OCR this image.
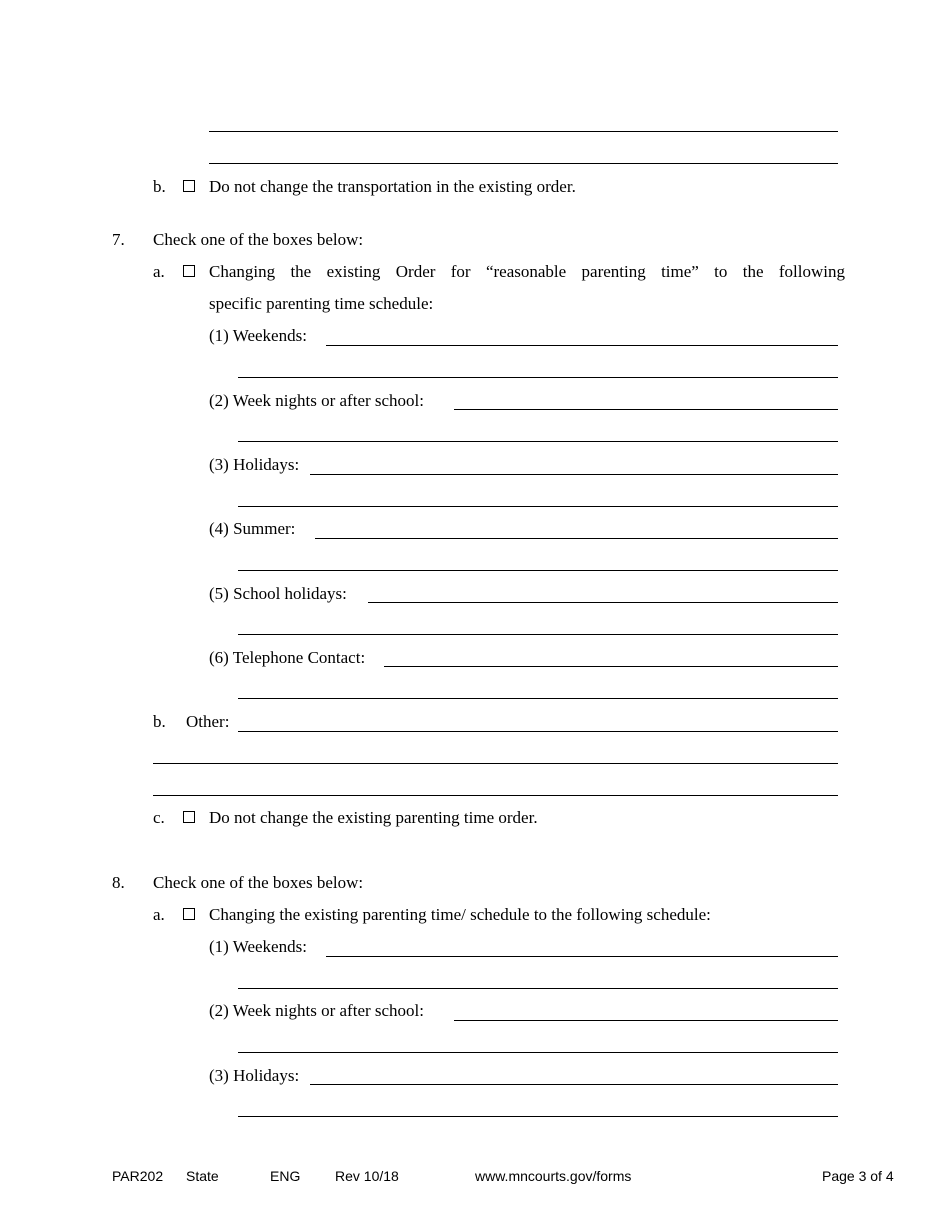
b.	Do not change the transportation in the existing order.
7. Check one of the boxes below:
a.	Changing the existing Order for “reasonable parenting time” to the following
specific parenting time schedule:
(1) Weekends:
(2) Week nights or after school:
(3) Holidays:
(4) Summer:
(5) School holidays:
(6) Telephone Contact:
b. Other:
c.	Do not change the existing parenting time order.
8. Check one of the boxes below:
a.	Changing the existing parenting time/ schedule to the following schedule:
(1) Weekends:
(2) Week nights or after school:
(3) Holidays:
PAR202 State	ENG Rev 10/18	www.mncourts.gov/forms	Page 3 of 4
